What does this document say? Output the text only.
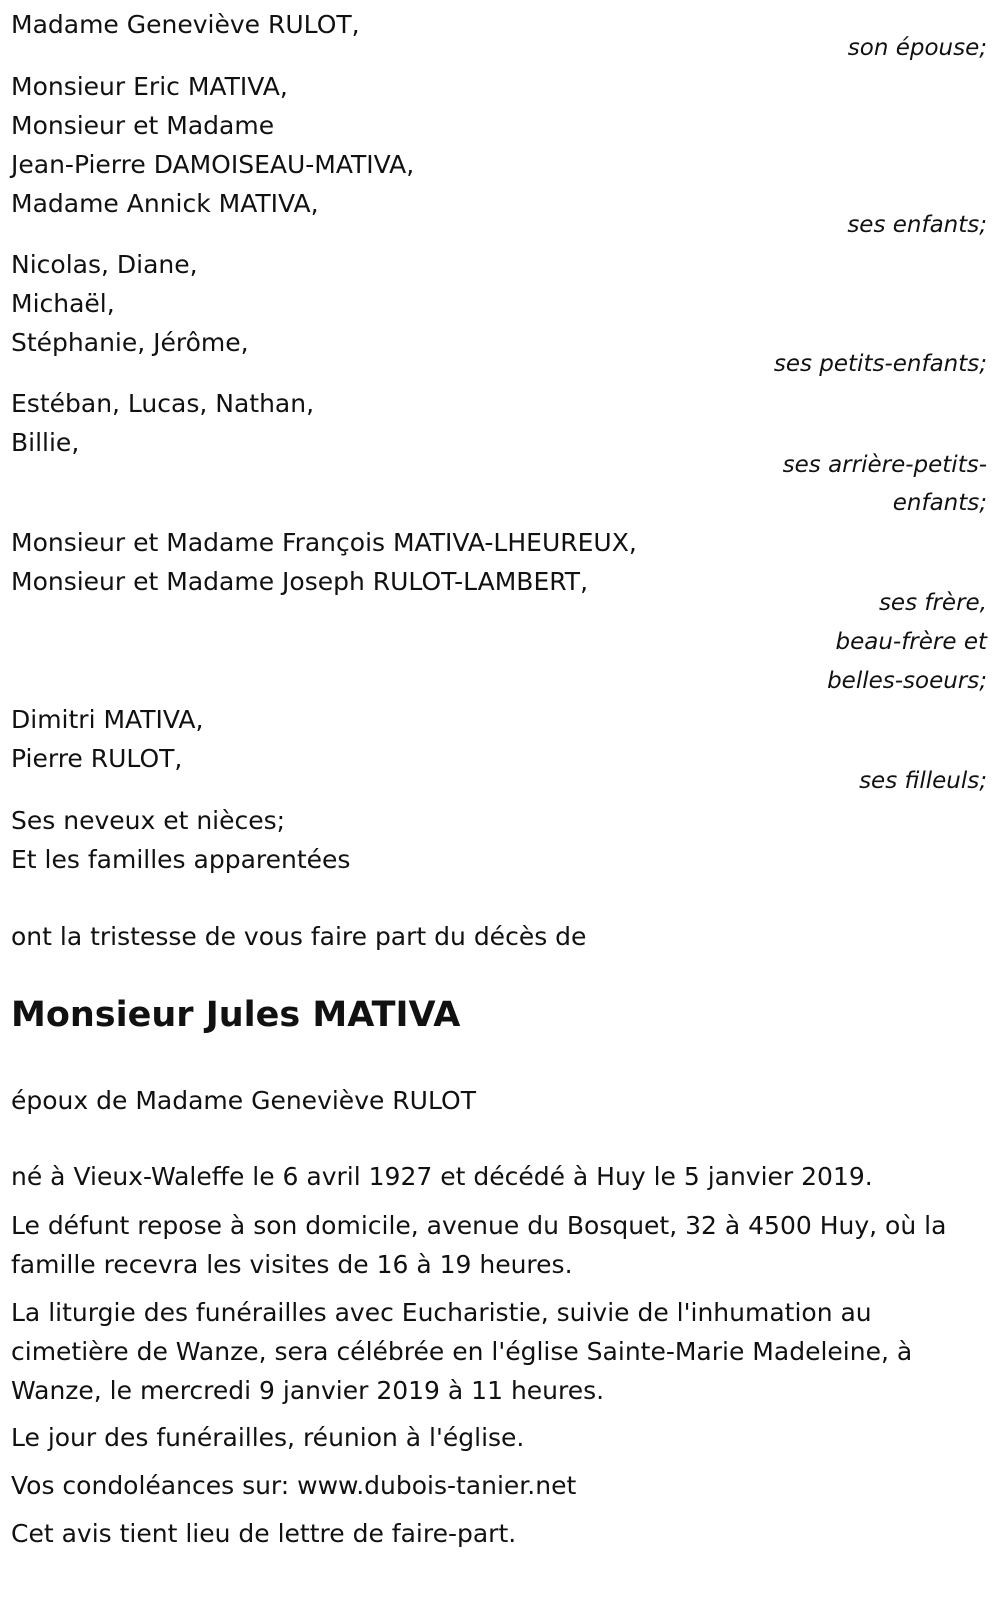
Madame Geneviève RULOT,
son épouse;
Monsieur Eric MATIVA,
Monsieur et Madame
Jean-Pierre DAMOISEAU-MATIVA,
Madame Annick MATIVA,
ses enfants;
Nicolas, Diane,
Michaël,
Stéphanie, Jérôme,
ses petits-enfants;
Estéban, Lucas, Nathan,
Billie,
ses arrière-petits-
enfants;
Monsieur et Madame François MATIVA-LHEUREUX,
Monsieur et Madame Joseph RULOT-LAMBERT,
ses frère,
beau-frère et
belles-soeurs;
Dimitri MATIVA,
Pierre RULOT,
ses filleuls;
Ses neveux et nièces;
Et les familles apparentées
ont la tristesse de vous faire part du décès de
Monsieur Jules MATIVA
époux de Madame Geneviève RULOT
né à Vieux-Waleffe le 6 avril 1927 et décédé à Huy le 5 janvier 2019.
Le défunt repose à son domicile, avenue du Bosquet, 32 à 4500 Huy, où la famille recevra les visites de 16 à 19 heures.
La liturgie des funérailles avec Eucharistie, suivie de l'inhumation au cimetière de Wanze, sera célébrée en l'église Sainte-Marie Madeleine, à Wanze, le mercredi 9 janvier 2019 à 11 heures.
Le jour des funérailles, réunion à l'église.
Vos condoléances sur: www.dubois-tanier.net
Cet avis tient lieu de lettre de faire-part.
